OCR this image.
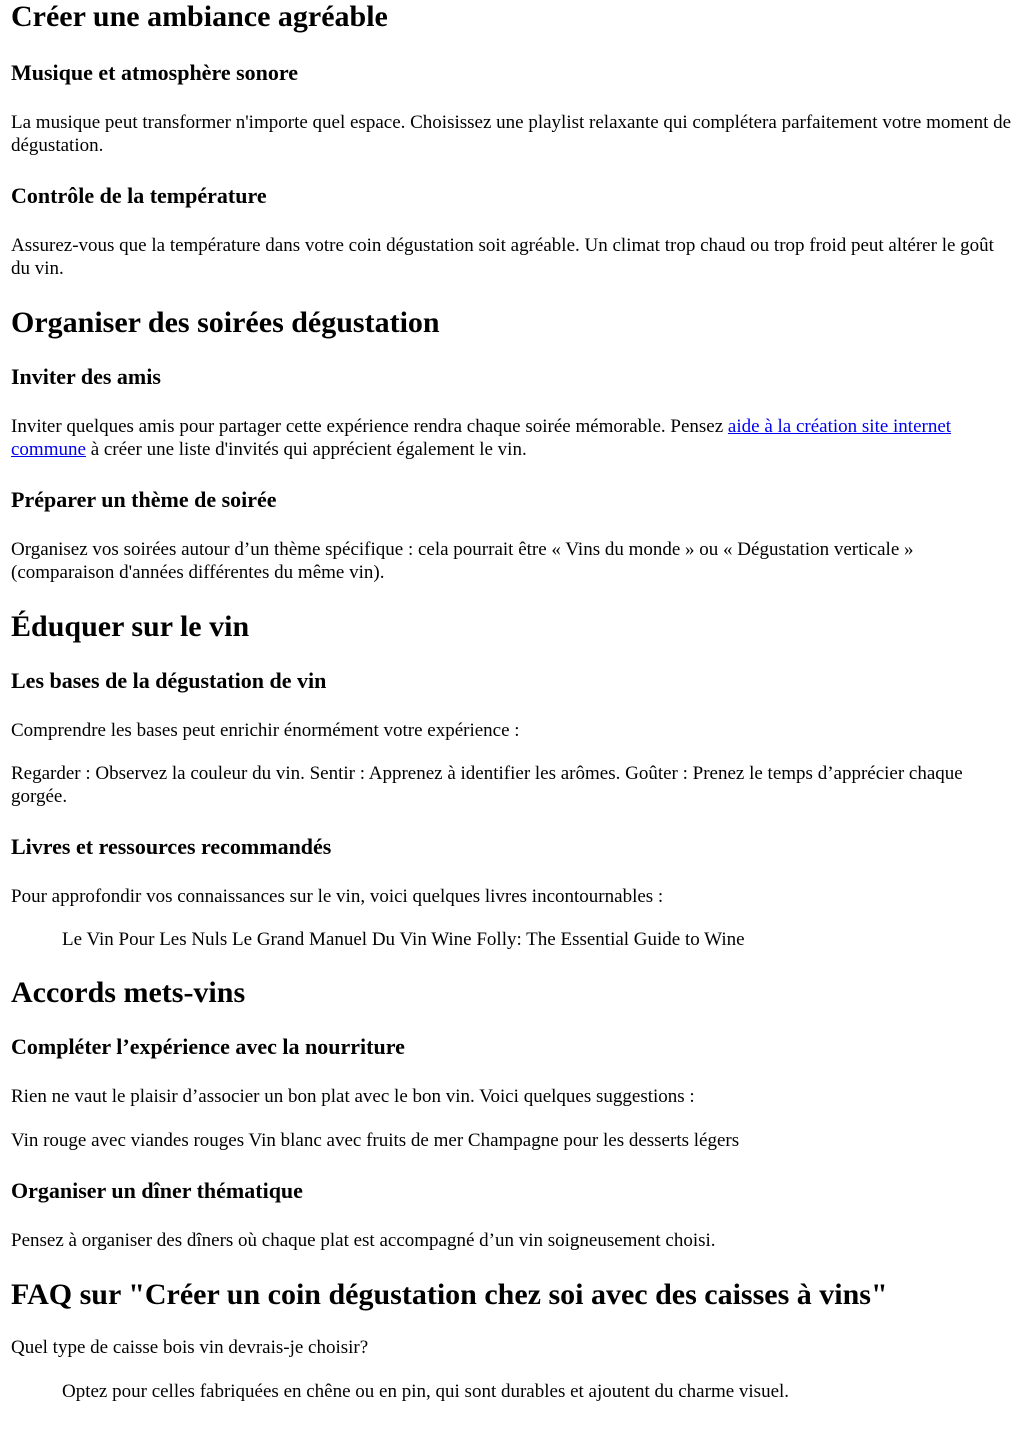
Créer une ambiance agréable
Musique et atmosphère sonore

La musique peut transformer n'importe quel espace. Choisissez une playlist relaxante qui complétera parfaitement votre moment de dégustation.

Contrôle de la température

Assurez-vous que la température dans votre coin dégustation soit agréable. Un climat trop chaud ou trop froid peut altérer le goût du vin.

Organiser des soirées dégustation
Inviter des amis

Inviter quelques amis pour partager cette expérience rendra chaque soirée mémorable. Pensez aide à la création site internet commune à créer une liste d'invités qui apprécient également le vin.

Préparer un thème de soirée

Organisez vos soirées autour d’un thème spécifique : cela pourrait être « Vins du monde » ou « Dégustation verticale » (comparaison d'années différentes du même vin).

Éduquer sur le vin
Les bases de la dégustation de vin

Comprendre les bases peut enrichir énormément votre expérience :

Regarder : Observez la couleur du vin. Sentir : Apprenez à identifier les arômes. Goûter : Prenez le temps d’apprécier chaque gorgée.

Livres et ressources recommandés

Pour approfondir vos connaissances sur le vin, voici quelques livres incontournables :

Le Vin Pour Les Nuls Le Grand Manuel Du Vin Wine Folly: The Essential Guide to Wine

Accords mets-vins
Compléter l’expérience avec la nourriture

Rien ne vaut le plaisir d’associer un bon plat avec le bon vin. Voici quelques suggestions :

Vin rouge avec viandes rouges Vin blanc avec fruits de mer Champagne pour les desserts légers

Organiser un dîner thématique

Pensez à organiser des dîners où chaque plat est accompagné d’un vin soigneusement choisi.

FAQ sur "Créer un coin dégustation chez soi avec des caisses à vins"

Quel type de caisse bois vin devrais-je choisir?

Optez pour celles fabriquées en chêne ou en pin, qui sont durables et ajoutent du charme visuel.
